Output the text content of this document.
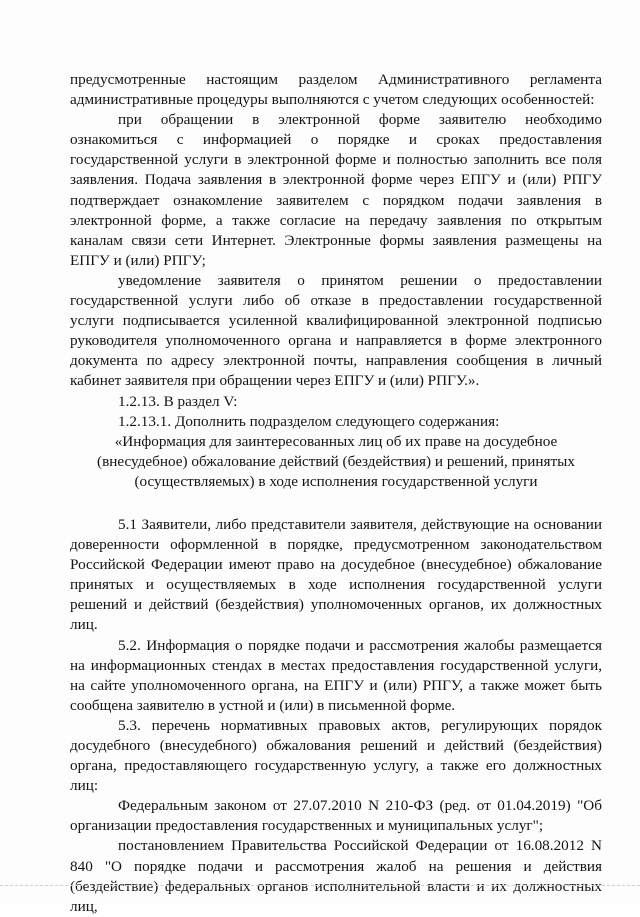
предусмотренные настоящим разделом Административного регламента административные процедуры выполняются с учетом следующих особенностей:

при обращении в электронной форме заявителю необходимо ознакомиться с информацией о порядке и сроках предоставления государственной услуги в электронной форме и полностью заполнить все поля заявления. Подача заявления в электронной форме через ЕПГУ и (или) РПГУ подтверждает ознакомление заявителем с порядком подачи заявления в электронной форме, а также согласие на передачу заявления по открытым каналам связи сети Интернет. Электронные формы заявления размещены на ЕПГУ и (или) РПГУ;

уведомление заявителя о принятом решении о предоставлении государственной услуги либо об отказе в предоставлении государственной услуги подписывается усиленной квалифицированной электронной подписью руководителя уполномоченного органа и направляется в форме электронного документа по адресу электронной почты, направления сообщения в личный кабинет заявителя при обращении через ЕПГУ и (или) РПГУ.».

1.2.13. В раздел V:

1.2.13.1. Дополнить подразделом следующего содержания:

«Информация для заинтересованных лиц об их праве на досудебное (внесудебное) обжалование действий (бездействия) и решений, принятых (осуществляемых) в ходе исполнения государственной услуги

5.1 Заявители, либо представители заявителя, действующие на основании доверенности оформленной в порядке, предусмотренном законодательством Российской Федерации имеют право на досудебное (внесудебное) обжалование принятых и осуществляемых в ходе исполнения государственной услуги решений и действий (бездействия) уполномоченных органов, их должностных лиц.

5.2. Информация о порядке подачи и рассмотрения жалобы размещается на информационных стендах в местах предоставления государственной услуги, на сайте уполномоченного органа, на ЕПГУ и (или) РПГУ, а также может быть сообщена заявителю в устной и (или) в письменной форме.

5.3. перечень нормативных правовых актов, регулирующих порядок досудебного (внесудебного) обжалования решений и действий (бездействия) органа, предоставляющего государственную услугу, а также его должностных лиц:

Федеральным законом от 27.07.2010 N 210-ФЗ (ред. от 01.04.2019) "Об организации предоставления государственных и муниципальных услуг";

постановлением Правительства Российской Федерации от 16.08.2012 N 840 "О порядке подачи и рассмотрения жалоб на решения и действия (бездействие) федеральных органов исполнительной власти и их должностных лиц,
